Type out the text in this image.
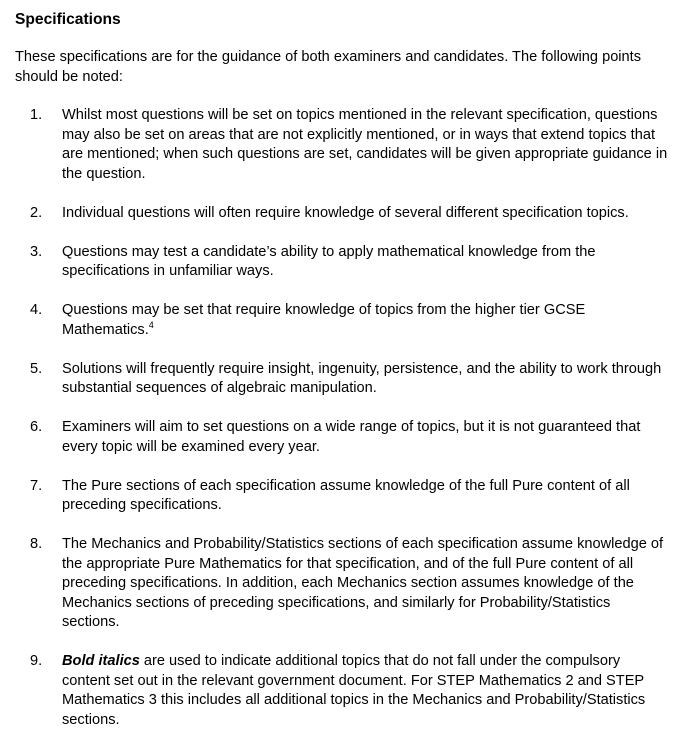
Specifications
These specifications are for the guidance of both examiners and candidates. The following points should be noted:
1.	Whilst most questions will be set on topics mentioned in the relevant specification, questions may also be set on areas that are not explicitly mentioned, or in ways that extend topics that are mentioned; when such questions are set, candidates will be given appropriate guidance in the question.
2.	Individual questions will often require knowledge of several different specification topics.
3.	Questions may test a candidate’s ability to apply mathematical knowledge from the specifications in unfamiliar ways.
4.	Questions may be set that require knowledge of topics from the higher tier GCSE Mathematics.$^4$
5.	Solutions will frequently require insight, ingenuity, persistence, and the ability to work through substantial sequences of algebraic manipulation.
6.	Examiners will aim to set questions on a wide range of topics, but it is not guaranteed that every topic will be examined every year.
7.	The Pure sections of each specification assume knowledge of the full Pure content of all preceding specifications.
8.	The Mechanics and Probability/Statistics sections of each specification assume knowledge of the appropriate Pure Mathematics for that specification, and of the full Pure content of all preceding specifications. In addition, each Mechanics section assumes knowledge of the Mechanics sections of preceding specifications, and similarly for Probability/Statistics sections.
9.	Bold italics are used to indicate additional topics that do not fall under the compulsory content set out in the relevant government document. For STEP Mathematics 2 and STEP Mathematics 3 this includes all additional topics in the Mechanics and Probability/Statistics sections.
